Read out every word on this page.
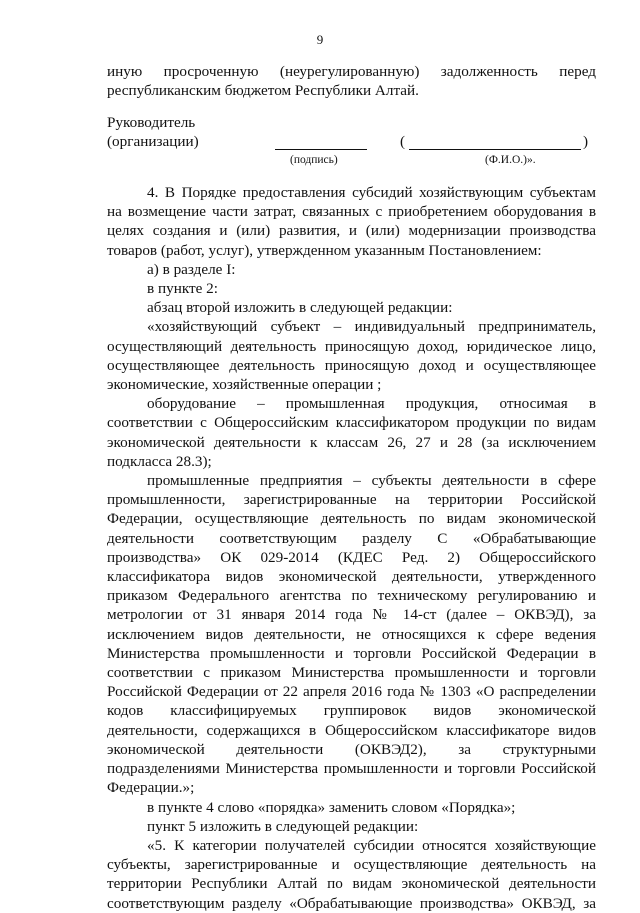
9

иную просроченную (неурегулированную) задолженность перед

республиканским бюджетом Республики Алтай.

Руководитель
(организации)
(подпись)
(	)
(Ф.И.О.)».

4. В Порядке предоставления субсидий хозяйствующим субъектам

на возмещение части затрат, связанных с приобретением оборудования в

целях создания и (или) развития, и (или) модернизации производства

товаров (работ, услуг), утвержденном указанным Постановлением:

а) в разделе I:

в пункте 2:

абзац второй изложить в следующей редакции:

«хозяйствующий субъект – индивидуальный предприниматель,

осуществляющий деятельность приносящую доход, юридическое лицо,

осуществляющее деятельность приносящую доход и осуществляющее

экономические, хозяйственные операции ;

оборудование – промышленная продукция, относимая в

соответствии с Общероссийским классификатором продукции по видам

экономической деятельности к классам 26, 27 и 28 (за исключением

подкласса 28.3);

промышленные предприятия – субъекты деятельности в сфере

промышленности, зарегистрированные на территории Российской

Федерации, осуществляющие деятельность по видам экономической

деятельности соответствующим разделу С «Обрабатывающие

производства» ОК 029-2014 (КДЕС Ред. 2) Общероссийского

классификатора видов экономической деятельности, утвержденного

приказом Федерального агентства по техническому регулированию и

метрологии от 31 января 2014 года № 14-ст (далее – ОКВЭД), за

исключением видов деятельности, не относящихся к сфере ведения

Министерства промышленности и торговли Российской Федерации в

соответствии с приказом Министерства промышленности и торговли

Российской Федерации от 22 апреля 2016 года № 1303 «О распределении

кодов классифицируемых группировок видов экономической

деятельности, содержащихся в Общероссийском классификаторе видов

экономической деятельности (ОКВЭД2), за структурными

подразделениями Министерства промышленности и торговли Российской

Федерации.»;

в пункте 4 слово «порядка» заменить словом «Порядка»;

пункт 5 изложить в следующей редакции:

«5. К категории получателей субсидии относятся хозяйствующие

субъекты, зарегистрированные и осуществляющие деятельность на

территории Республики Алтай по видам экономической деятельности

соответствующим разделу «Обрабатывающие производства» ОКВЭД, за
